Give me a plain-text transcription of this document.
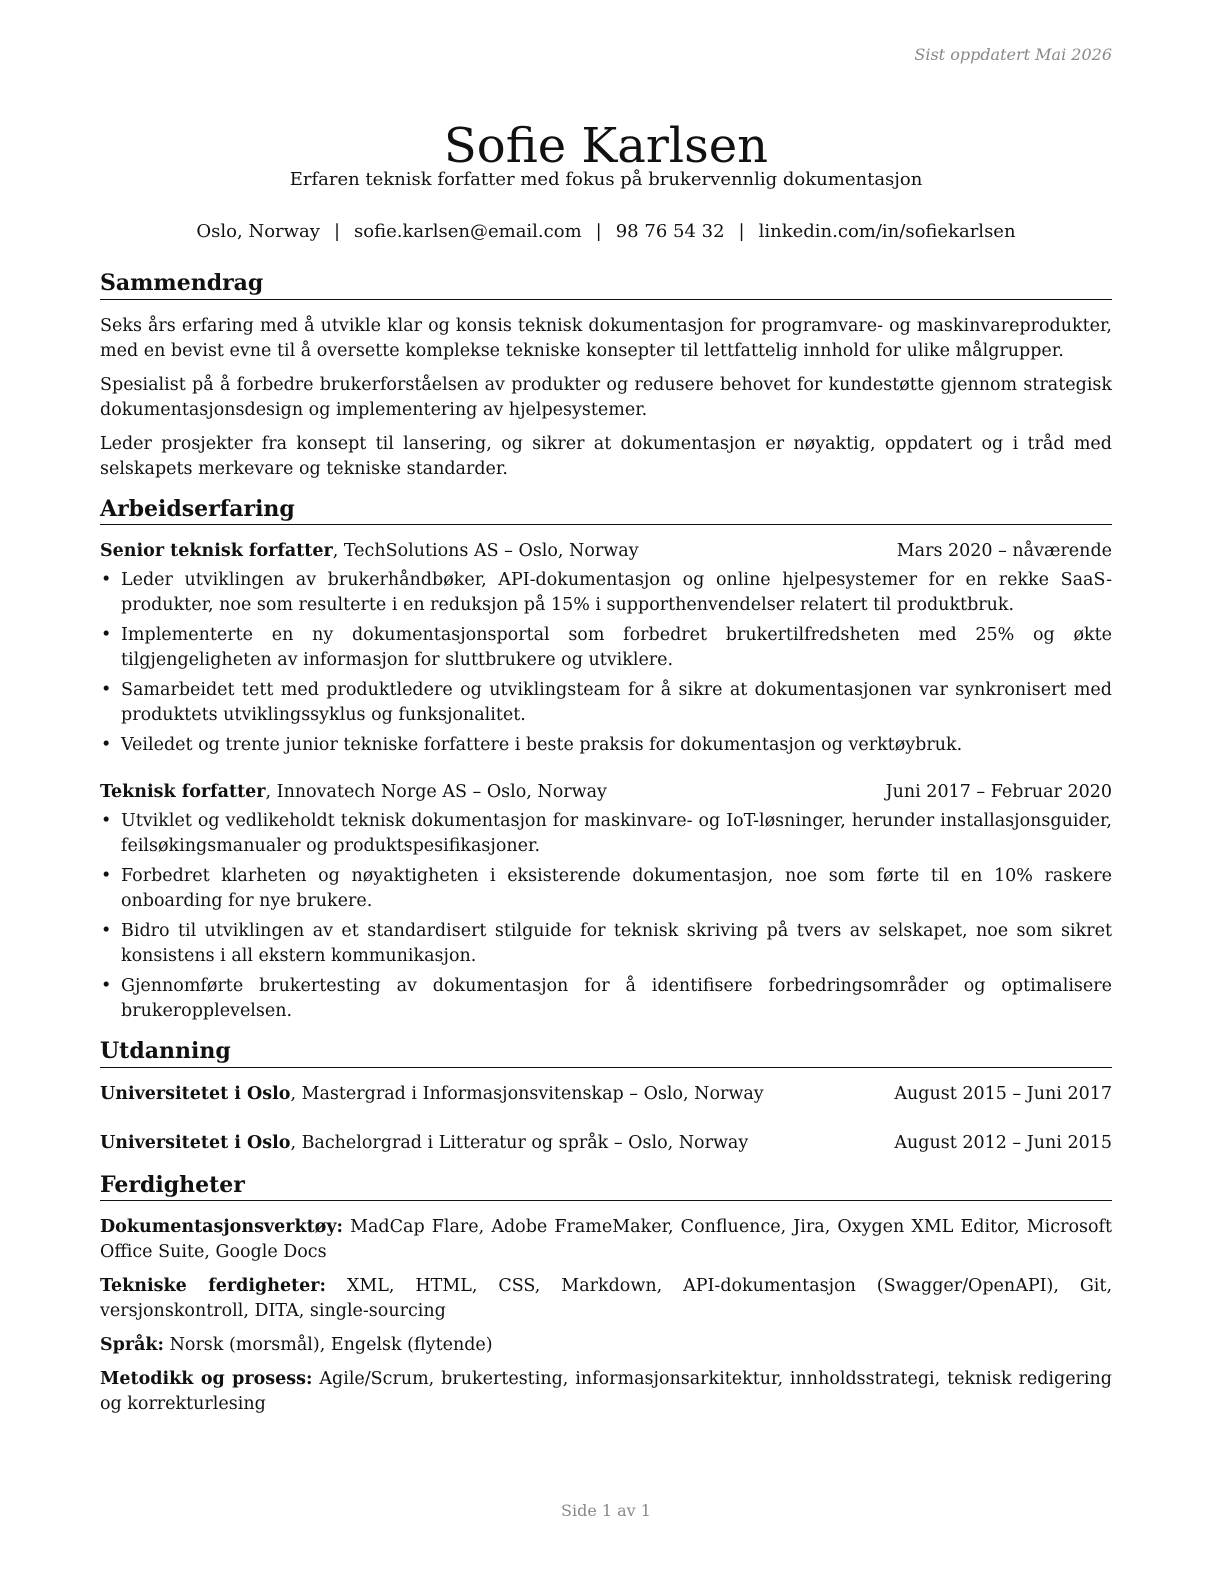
Sist oppdatert Mai 2026
Sofie Karlsen
Erfaren teknisk forfatter med fokus på brukervennlig dokumentasjon
Oslo, Norway | sofie.karlsen@email.com | 98 76 54 32 | linkedin.com/in/sofiekarlsen
Sammendrag

Seks års erfaring med å utvikle klar og konsis teknisk dokumentasjon for programvare- og maskinvareprodukter, med en bevist evne til å oversette komplekse tekniske konsepter til lettfattelig innhold for ulike målgrupper.

Spesialist på å forbedre brukerforståelsen av produkter og redusere behovet for kundestøtte gjennom strategisk dokumentasjonsdesign og implementering av hjelpesystemer.

Leder prosjekter fra konsept til lansering, og sikrer at dokumentasjon er nøyaktig, oppdatert og i tråd med selskapets merkevare og tekniske standarder.

Arbeidserfaring
Senior teknisk forfatter, TechSolutions AS – Oslo, Norway	Mars 2020 – nåværende
• Leder utviklingen av brukerhåndbøker, API-dokumentasjon og online hjelpesystemer for en rekke SaaS-produkter, noe som resulterte i en reduksjon på 15% i supporthenvendelser relatert til produktbruk.
• Implementerte en ny dokumentasjonsportal som forbedret brukertilfredsheten med 25% og økte tilgjengeligheten av informasjon for sluttbrukere og utviklere.
• Samarbeidet tett med produktledere og utviklingsteam for å sikre at dokumentasjonen var synkronisert med produktets utviklingssyklus og funksjonalitet.
• Veiledet og trente junior tekniske forfattere i beste praksis for dokumentasjon og verktøybruk.
Teknisk forfatter, Innovatech Norge AS – Oslo, Norway	Juni 2017 – Februar 2020
• Utviklet og vedlikeholdt teknisk dokumentasjon for maskinvare- og IoT-løsninger, herunder installasjonsguider, feilsøkingsmanualer og produktspesifikasjoner.
• Forbedret klarheten og nøyaktigheten i eksisterende dokumentasjon, noe som førte til en 10% raskere onboarding for nye brukere.
• Bidro til utviklingen av et standardisert stilguide for teknisk skriving på tvers av selskapet, noe som sikret konsistens i all ekstern kommunikasjon.
• Gjennomførte brukertesting av dokumentasjon for å identifisere forbedringsområder og optimalisere brukeropplevelsen.
Utdanning
Universitetet i Oslo, Mastergrad i Informasjonsvitenskap – Oslo, Norway	August 2015 – Juni 2017
Universitetet i Oslo, Bachelorgrad i Litteratur og språk – Oslo, Norway	August 2012 – Juni 2015
Ferdigheter

Dokumentasjonsverktøy: MadCap Flare, Adobe FrameMaker, Confluence, Jira, Oxygen XML Editor, Microsoft Office Suite, Google Docs

Tekniske ferdigheter: XML, HTML, CSS, Markdown, API-dokumentasjon (Swagger/OpenAPI), Git, versjonskontroll, DITA, single-sourcing

Språk: Norsk (morsmål), Engelsk (flytende)

Metodikk og prosess: Agile/Scrum, brukertesting, informasjonsarkitektur, innholdsstrategi, teknisk redigering og korrekturlesing

Side 1 av 1
